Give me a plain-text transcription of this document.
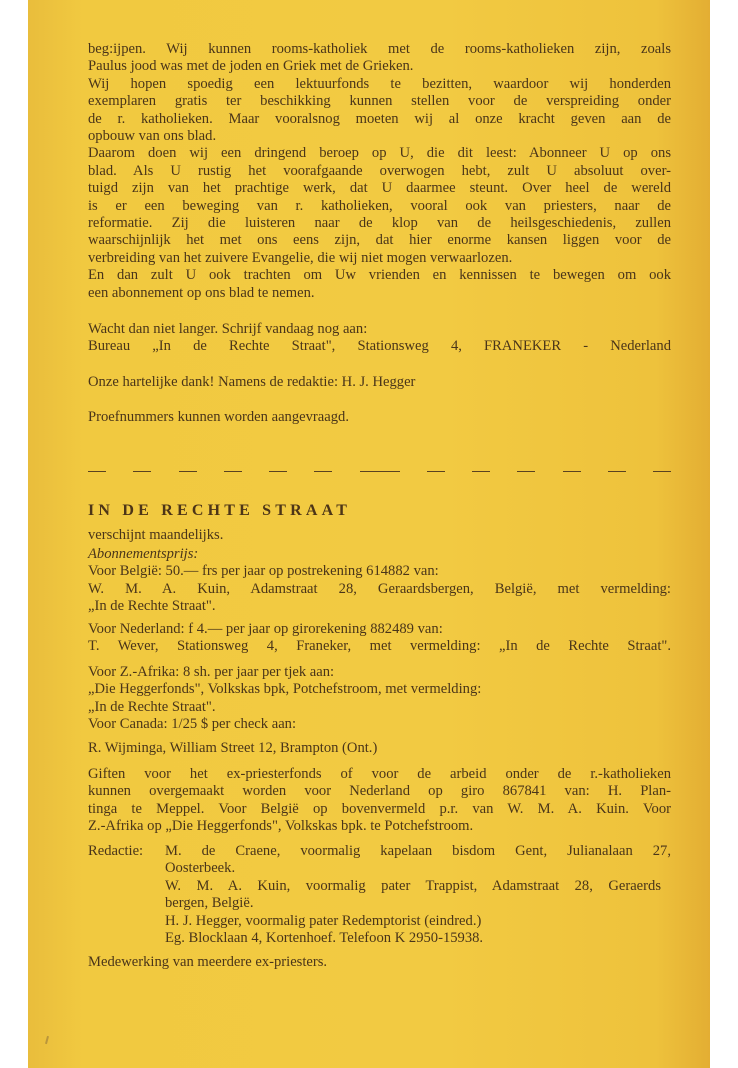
beg:ijpen. Wij kunnen rooms-katholiek met de rooms-katholieken zijn, zoals
Paulus jood was met de joden en Griek met de Grieken.
Wij hopen spoedig een lektuurfonds te bezitten, waardoor wij honderden
exemplaren gratis ter beschikking kunnen stellen voor de verspreiding onder
de r. katholieken. Maar vooralsnog moeten wij al onze kracht geven aan de
opbouw van ons blad.
Daarom doen wij een dringend beroep op U, die dit leest: Abonneer U op ons
blad. Als U rustig het voorafgaande overwogen hebt, zult U absoluut over-
tuigd zijn van het prachtige werk, dat U daarmee steunt. Over heel de wereld
is er een beweging van r. katholieken, vooral ook van priesters, naar de
reformatie. Zij die luisteren naar de klop van de heilsgeschiedenis, zullen
waarschijnlijk het met ons eens zijn, dat hier enorme kansen liggen voor de
verbreiding van het zuivere Evangelie, die wij niet mogen verwaarlozen.
En dan zult U ook trachten om Uw vrienden en kennissen te bewegen om ook
een abonnement op ons blad te nemen.
Wacht dan niet langer. Schrijf vandaag nog aan:
Bureau „In de Rechte Straat", Stationsweg 4, FRANEKER - Nederland
Onze hartelijke dank! Namens de redaktie: H. J. Hegger
Proefnummers kunnen worden aangevraagd.
IN DE RECHTE STRAAT
verschijnt maandelijks.
Abonnementsprijs:
Voor België: 50.— frs per jaar op postrekening 614882 van:
W. M. A. Kuin, Adamstraat 28, Geraardsbergen, België, met vermelding:
„In de Rechte Straat".
Voor Nederland: f 4.— per jaar op girorekening 882489 van:
T. Wever, Stationsweg 4, Franeker, met vermelding: „In de Rechte Straat".
Voor Z.-Afrika: 8 sh. per jaar per tjek aan:
„Die Heggerfonds", Volkskas bpk, Potchefstroom, met vermelding:
„In de Rechte Straat".
Voor Canada: 1/25 $ per check aan:
R. Wijminga, William Street 12, Brampton (Ont.)
Giften voor het ex-priesterfonds of voor de arbeid onder de r.-katholieken
kunnen overgemaakt worden voor Nederland op giro 867841 van: H. Plan-
tinga te Meppel. Voor België op bovenvermeld p.r. van W. M. A. Kuin. Voor
Z.-Afrika op „Die Heggerfonds", Volkskas bpk. te Potchefstroom.
Redactie:	M. de Craene, voormalig kapelaan bisdom Gent, Julianalaan 27,
Oosterbeek.
W. M. A. Kuin, voormalig pater Trappist, Adamstraat 28, Geraerds
bergen, België.
H. J. Hegger, voormalig pater Redemptorist (eindred.)
Eg. Blocklaan 4, Kortenhoef. Telefoon K 2950-15938.
Medewerking van meerdere ex-priesters.
